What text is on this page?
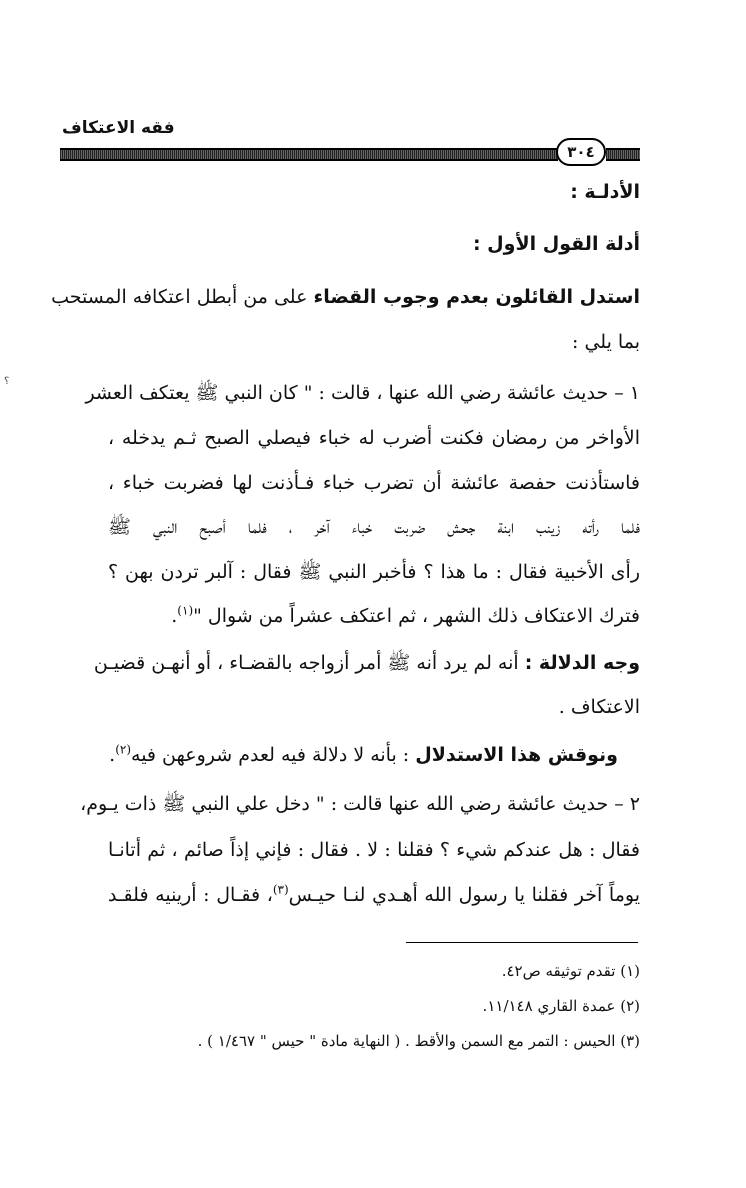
فقه الاعتكاف
٣٠٤
؟
الأدلـة :
أدلة القول الأول :
استدل القائلون بعدم وجوب القضاء على من أبطل اعتكافه المستحب
بما يلي :
١ – حديث عائشة رضي الله عنها ، قالت : " كان النبي ﷺ يعتكف العشر
الأواخر من رمضان فكنت أضرب له خباء فيصلي الصبح ثـم يدخله ،
فاستأذنت حفصة عائشة أن تضرب خباء فـأذنت لها فضربت خباء ،
فلما رأته زينب ابنة جحش ضربت خباء آخر ، فلما أصبح النبي ﷺ
رأى الأخبية فقال : ما هذا ؟ فأخبر النبي ﷺ فقال : آلبر تردن بهن ؟
فترك الاعتكاف ذلك الشهر ، ثم اعتكف عشراً من شوال "$^{(١)}$.
وجه الدلالة : أنه لم يرد أنه ﷺ أمر أزواجه بالقضـاء ، أو أنهـن قضيـن
الاعتكاف .
ونوقش هذا الاستدلال : بأنه لا دلالة فيه لعدم شروعهن فيه$^{(٢)}$.
٢ – حديث عائشة رضي الله عنها قالت : " دخل علي النبي ﷺ ذات يـوم،
فقال : هل عندكم شيء ؟ فقلنا : لا . فقال : فإني إذاً صائم ، ثم أتانـا
يوماً آخر فقلنا يا رسول الله أهـدي لنـا حيـس$^{(٣)}$، فقـال : أرينيه فلقـد
(١) تقدم توثيقه ص٤٢.
(٢) عمدة القاري ١١/١٤٨.
(٣) الحيس : التمر مع السمن والأقط . ( النهاية مادة " حيس " ١/٤٦٧ ) .
